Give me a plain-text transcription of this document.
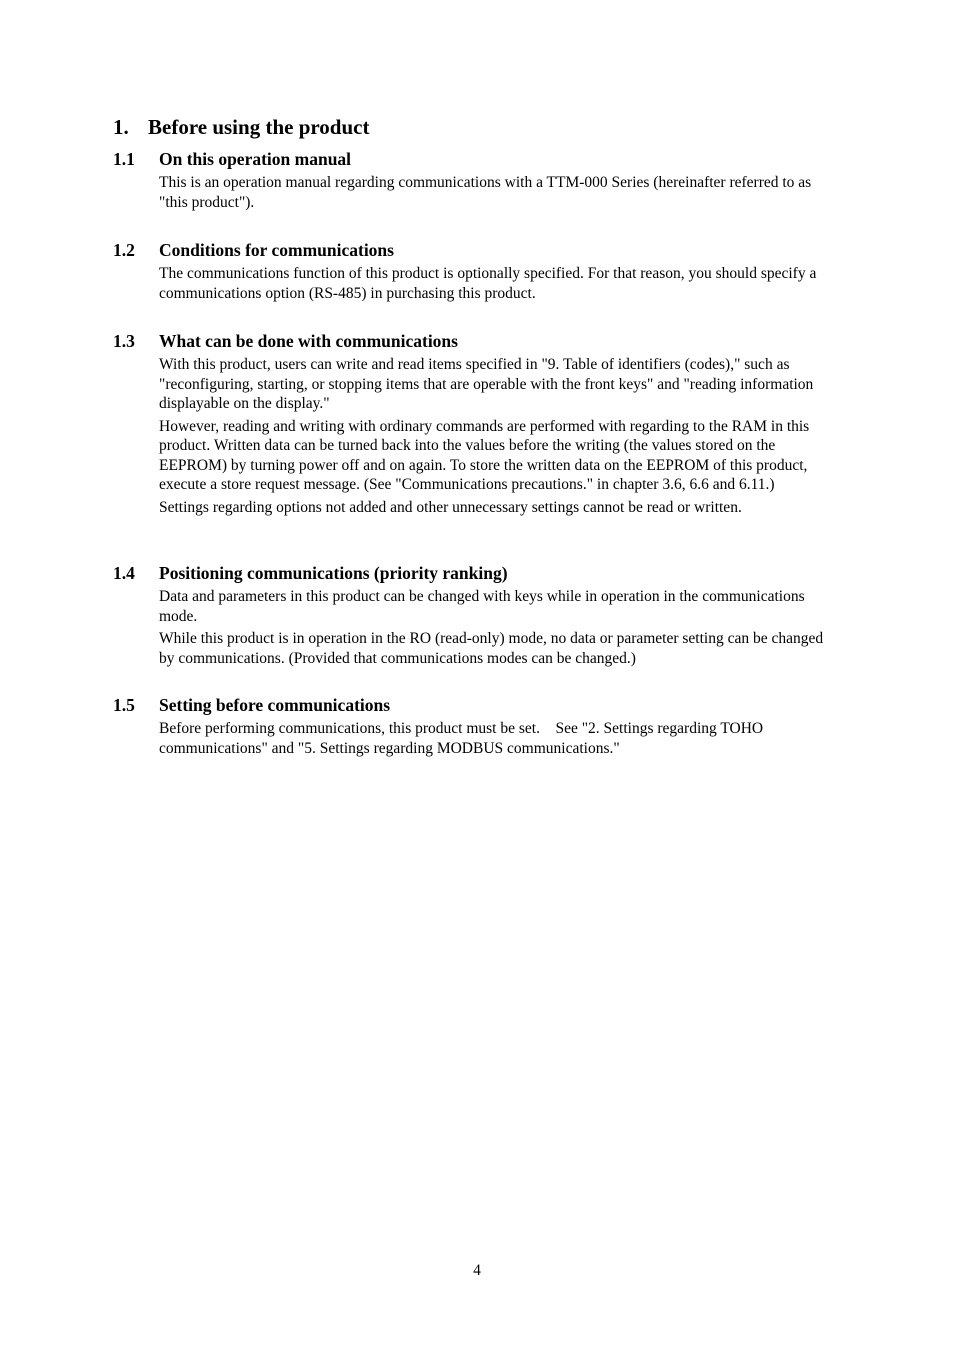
1. Before using the product
1.1 On this operation manual

This is an operation manual regarding communications with a TTM-000 Series (hereinafter referred to as "this product").

1.2 Conditions for communications

The communications function of this product is optionally specified. For that reason, you should specify a communications option (RS-485) in purchasing this product.

1.3 What can be done with communications

With this product, users can write and read items specified in "9. Table of identifiers (codes)," such as "reconfiguring, starting, or stopping items that are operable with the front keys" and "reading information displayable on the display."

However, reading and writing with ordinary commands are performed with regarding to the RAM in this product. Written data can be turned back into the values before the writing (the values stored on the EEPROM) by turning power off and on again. To store the written data on the EEPROM of this product, execute a store request message. (See "Communications precautions." in chapter 3.6, 6.6 and 6.11.)

Settings regarding options not added and other unnecessary settings cannot be read or written.

1.4 Positioning communications (priority ranking)

Data and parameters in this product can be changed with keys while in operation in the communications mode.

While this product is in operation in the RO (read-only) mode, no data or parameter setting can be changed by communications. (Provided that communications modes can be changed.)

1.5 Setting before communications

Before performing communications, this product must be set.　See "2. Settings regarding TOHO communications" and "5. Settings regarding MODBUS communications."

4
